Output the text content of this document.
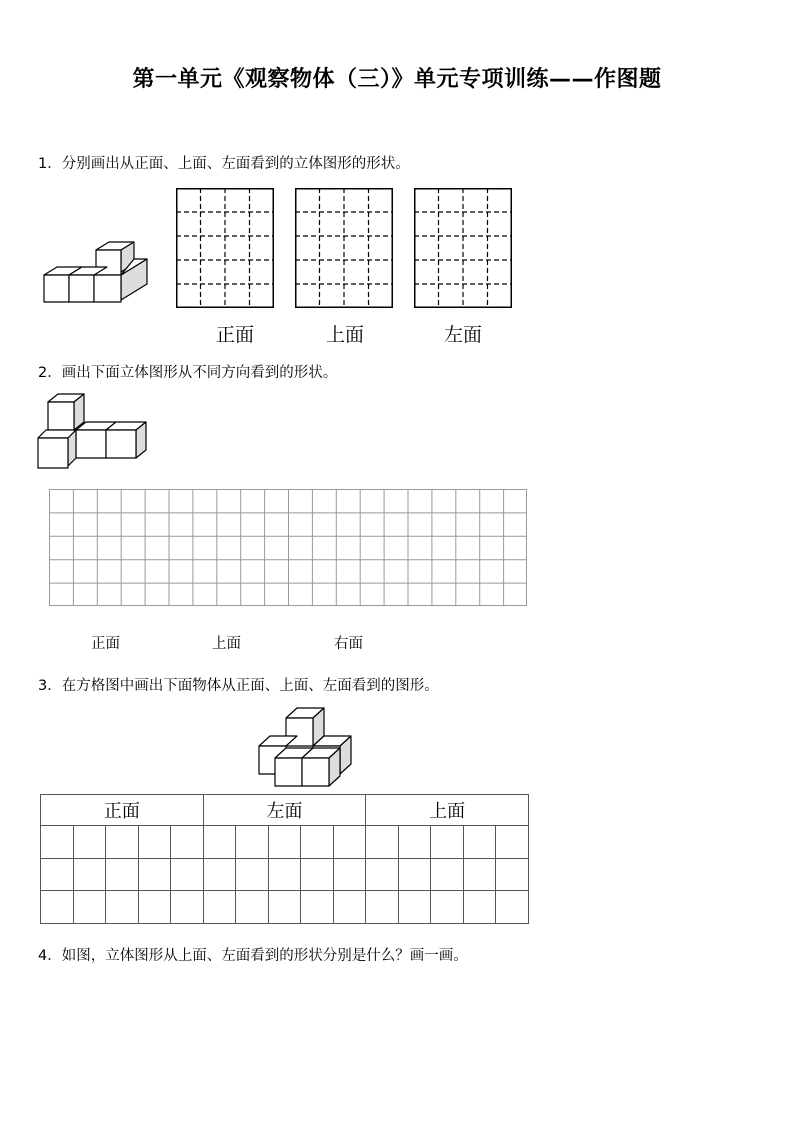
第一单元《观察物体（三）》单元专项训练——作图题
1．分别画出从正面、上面、左面看到的立体图形的形状。
正面	上面	左面
2．画出下面立体图形从不同方向看到的形状。
正面	上面	右面
3．在方格图中画出下面物体从正面、上面、左面看到的图形。
正面					左面					上面				

4．如图，立体图形从上面、左面看到的形状分别是什么？画一画。
